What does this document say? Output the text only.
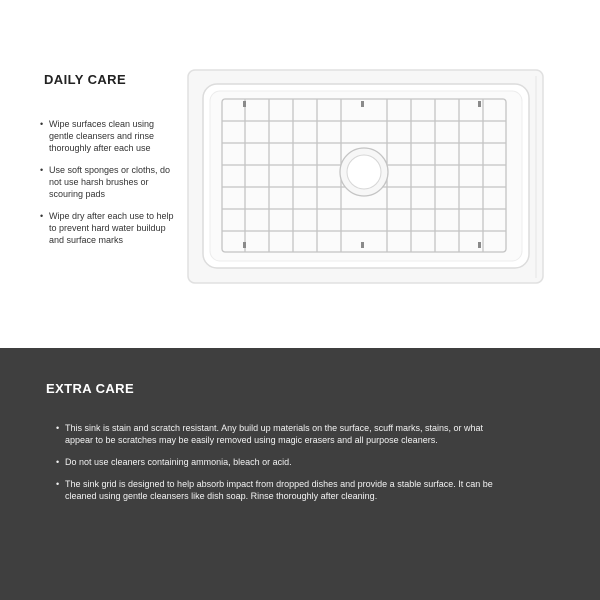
DAILY CARE
• Wipe surfaces clean using gentle cleansers and rinse thoroughly after each use
• Use soft sponges or cloths, do not use harsh brushes or scouring pads
• Wipe dry after each use to help to prevent hard water buildup and surface marks
EXTRA CARE
• This sink is stain and scratch resistant. Any build up materials on the surface, scuff marks, stains, or what appear to be scratches may be easily removed using magic erasers and all purpose cleaners.
• Do not use cleaners containing ammonia, bleach or acid.
• The sink grid is designed to help absorb impact from dropped dishes and provide a stable surface. It can be cleaned using gentle cleansers like dish soap. Rinse thoroughly after cleaning.
